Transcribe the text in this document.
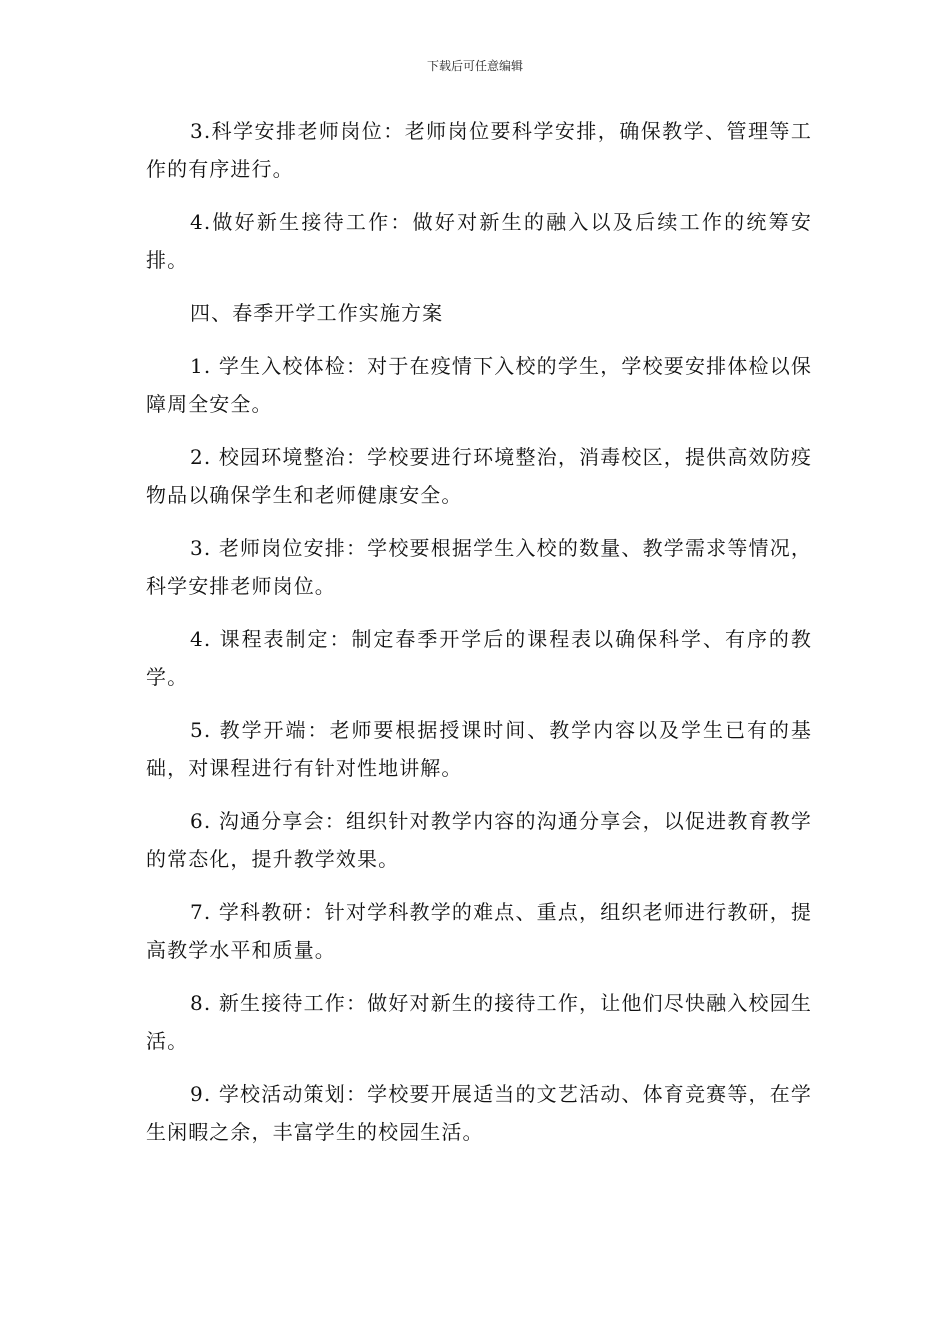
下载后可任意编辑

3.科学安排老师岗位：老师岗位要科学安排，确保教学、管理等工作的有序进行。

4.做好新生接待工作：做好对新生的融入以及后续工作的统筹安排。

四、春季开学工作实施方案

1. 学生入校体检：对于在疫情下入校的学生，学校要安排体检以保障周全安全。

2. 校园环境整治：学校要进行环境整治，消毒校区，提供高效防疫物品以确保学生和老师健康安全。

3. 老师岗位安排：学校要根据学生入校的数量、教学需求等情况，科学安排老师岗位。

4. 课程表制定：制定春季开学后的课程表以确保科学、有序的教学。

5. 教学开端：老师要根据授课时间、教学内容以及学生已有的基础，对课程进行有针对性地讲解。

6. 沟通分享会：组织针对教学内容的沟通分享会，以促进教育教学的常态化，提升教学效果。

7. 学科教研：针对学科教学的难点、重点，组织老师进行教研，提高教学水平和质量。

8. 新生接待工作：做好对新生的接待工作，让他们尽快融入校园生活。

9. 学校活动策划：学校要开展适当的文艺活动、体育竞赛等，在学生闲暇之余，丰富学生的校园生活。
